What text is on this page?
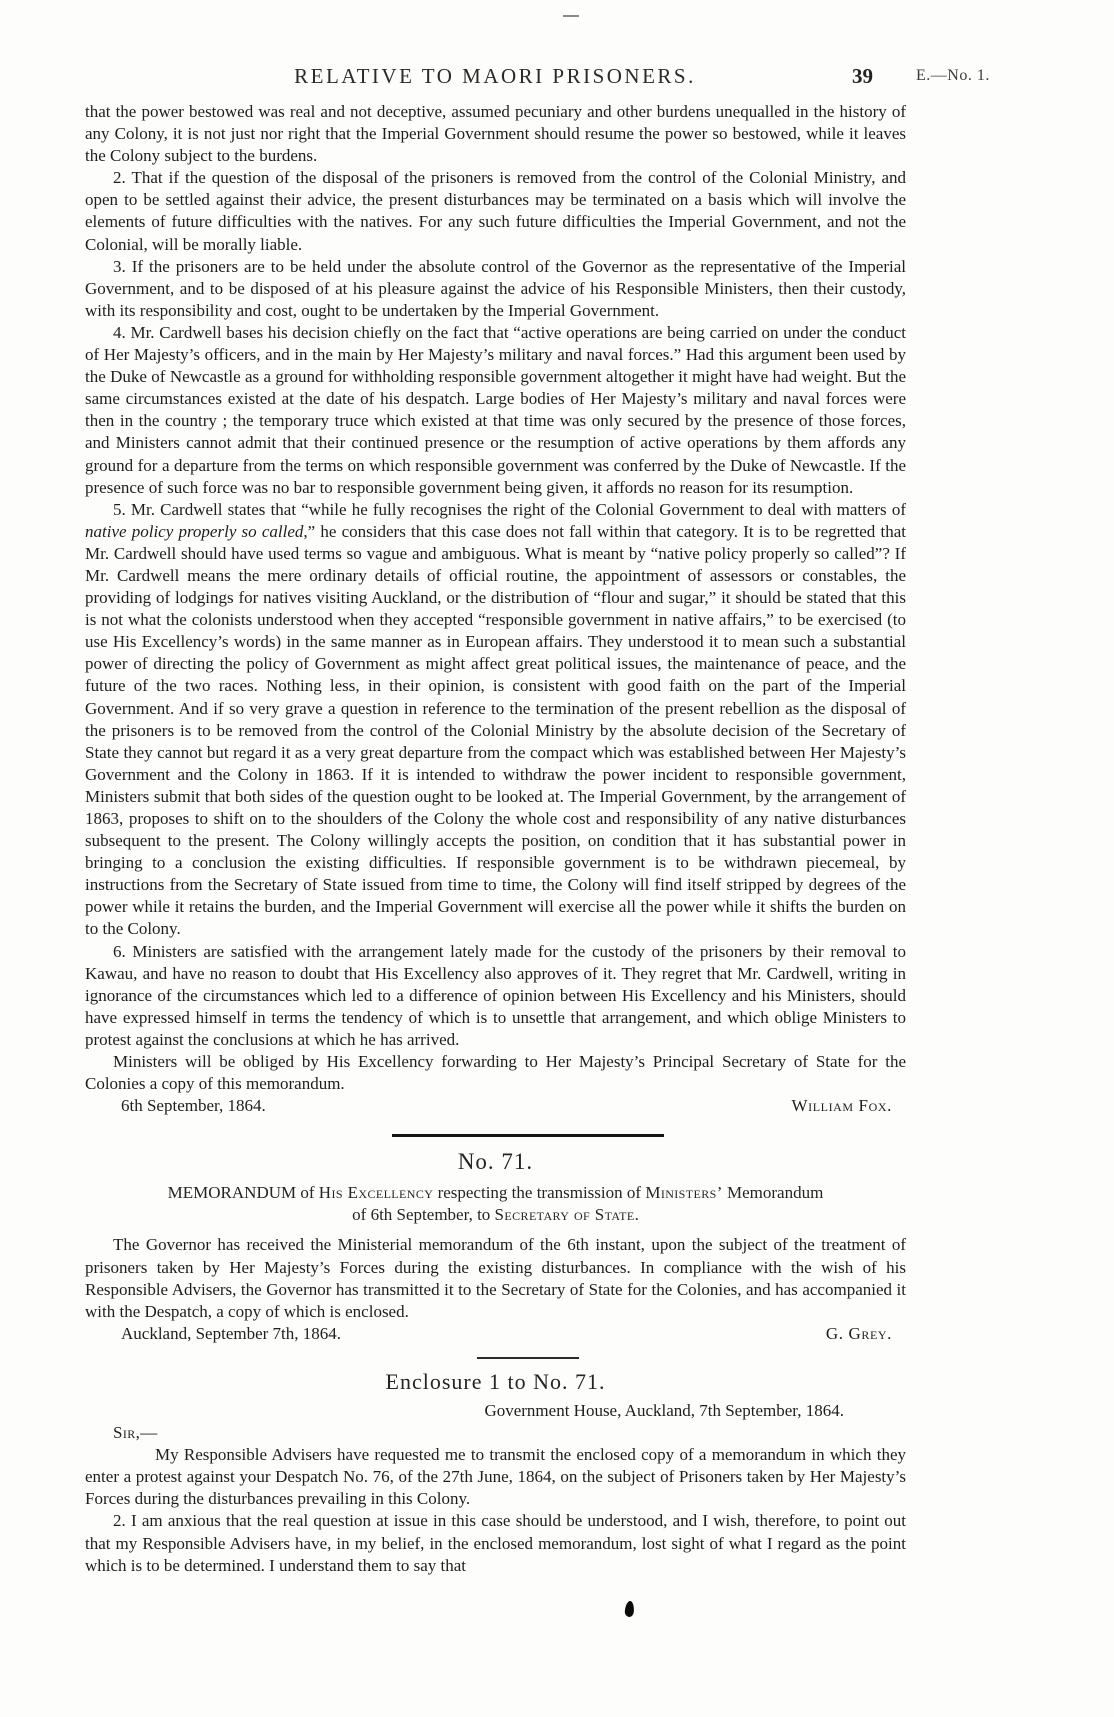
RELATIVE TO MAORI PRISONERS.	39	E.—No. 1.

that the power bestowed was real and not deceptive, assumed pecuniary and other burdens unequalled in the history of any Colony, it is not just nor right that the Imperial Government should resume the power so bestowed, while it leaves the Colony subject to the burdens.

2. That if the question of the disposal of the prisoners is removed from the control of the Colonial Ministry, and open to be settled against their advice, the present disturbances may be terminated on a basis which will involve the elements of future difficulties with the natives. For any such future difficulties the Imperial Government, and not the Colonial, will be morally liable.

3. If the prisoners are to be held under the absolute control of the Governor as the representative of the Imperial Government, and to be disposed of at his pleasure against the advice of his Responsible Ministers, then their custody, with its responsibility and cost, ought to be undertaken by the Imperial Government.

4. Mr. Cardwell bases his decision chiefly on the fact that “active operations are being carried on under the conduct of Her Majesty’s officers, and in the main by Her Majesty’s military and naval forces.” Had this argument been used by the Duke of Newcastle as a ground for withholding responsible government altogether it might have had weight. But the same circumstances existed at the date of his despatch. Large bodies of Her Majesty’s military and naval forces were then in the country ; the temporary truce which existed at that time was only secured by the presence of those forces, and Ministers cannot admit that their continued presence or the resumption of active operations by them affords any ground for a departure from the terms on which responsible government was conferred by the Duke of Newcastle. If the presence of such force was no bar to responsible government being given, it affords no reason for its resumption.

5. Mr. Cardwell states that “while he fully recognises the right of the Colonial Government to deal with matters of native policy properly so called,” he considers that this case does not fall within that category. It is to be regretted that Mr. Cardwell should have used terms so vague and ambiguous. What is meant by “native policy properly so called”? If Mr. Cardwell means the mere ordinary details of official routine, the appointment of assessors or constables, the providing of lodgings for natives visiting Auckland, or the distribution of “flour and sugar,” it should be stated that this is not what the colonists understood when they accepted “responsible government in native affairs,” to be exercised (to use His Excellency’s words) in the same manner as in European affairs. They understood it to mean such a substantial power of directing the policy of Government as might affect great political issues, the maintenance of peace, and the future of the two races. Nothing less, in their opinion, is consistent with good faith on the part of the Imperial Government. And if so very grave a question in reference to the termination of the present rebellion as the disposal of the prisoners is to be removed from the control of the Colonial Ministry by the absolute decision of the Secretary of State they cannot but regard it as a very great departure from the compact which was established between Her Majesty’s Government and the Colony in 1863. If it is intended to withdraw the power incident to responsible government, Ministers submit that both sides of the question ought to be looked at. The Imperial Government, by the arrangement of 1863, proposes to shift on to the shoulders of the Colony the whole cost and responsibility of any native disturbances subsequent to the present. The Colony willingly accepts the position, on condition that it has substantial power in bringing to a conclusion the existing difficulties. If responsible government is to be withdrawn piecemeal, by instructions from the Secretary of State issued from time to time, the Colony will find itself stripped by degrees of the power while it retains the burden, and the Imperial Government will exercise all the power while it shifts the burden on to the Colony.

6. Ministers are satisfied with the arrangement lately made for the custody of the prisoners by their removal to Kawau, and have no reason to doubt that His Excellency also approves of it. They regret that Mr. Cardwell, writing in ignorance of the circumstances which led to a difference of opinion between His Excellency and his Ministers, should have expressed himself in terms the tendency of which is to unsettle that arrangement, and which oblige Ministers to protest against the conclusions at which he has arrived.

Ministers will be obliged by His Excellency forwarding to Her Majesty’s Principal Secretary of State for the Colonies a copy of this memorandum.

6th September, 1864.	William Fox.
No. 71.
MEMORANDUM of His Excellency respecting the transmission of Ministers’ Memorandum
of 6th September, to Secretary of State.

The Governor has received the Ministerial memorandum of the 6th instant, upon the subject of the treatment of prisoners taken by Her Majesty’s Forces during the existing disturbances. In compliance with the wish of his Responsible Advisers, the Governor has transmitted it to the Secretary of State for the Colonies, and has accompanied it with the Despatch, a copy of which is enclosed.

Auckland, September 7th, 1864.	G. Grey.
Enclosure 1 to No. 71.
Government House, Auckland, 7th September, 1864.

Sir,—

My Responsible Advisers have requested me to transmit the enclosed copy of a memorandum in which they enter a protest against your Despatch No. 76, of the 27th June, 1864, on the subject of Prisoners taken by Her Majesty’s Forces during the disturbances prevailing in this Colony.

2. I am anxious that the real question at issue in this case should be understood, and I wish, therefore, to point out that my Responsible Advisers have, in my belief, in the enclosed memorandum, lost sight of what I regard as the point which is to be determined. I understand them to say that
